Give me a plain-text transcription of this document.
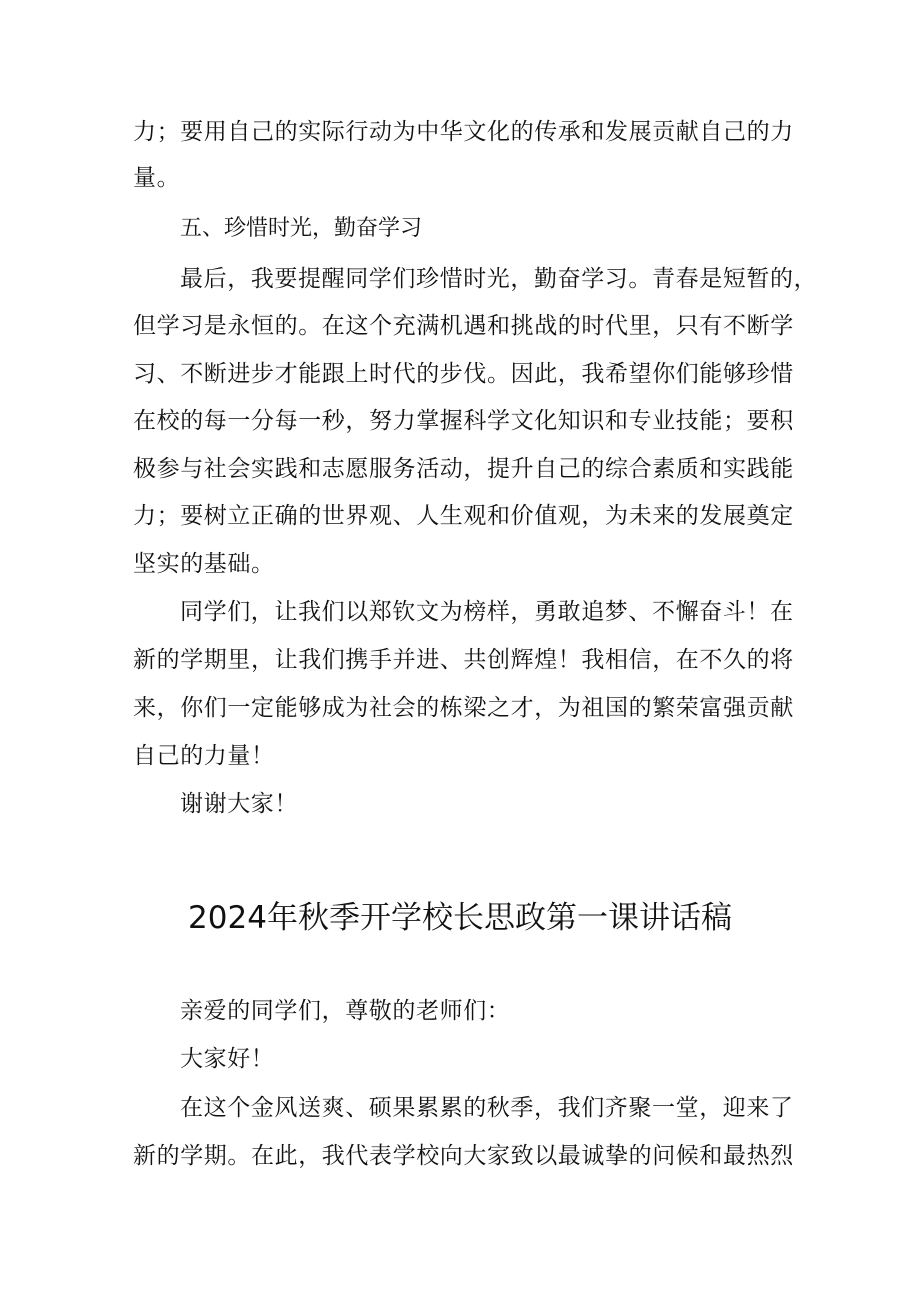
力；要用自己的实际行动为中华文化的传承和发展贡献自己的力
量。
五、珍惜时光，勤奋学习
最后，我要提醒同学们珍惜时光，勤奋学习。青春是短暂的，
但学习是永恒的。在这个充满机遇和挑战的时代里，只有不断学
习、不断进步才能跟上时代的步伐。因此，我希望你们能够珍惜
在校的每一分每一秒，努力掌握科学文化知识和专业技能；要积
极参与社会实践和志愿服务活动，提升自己的综合素质和实践能
力；要树立正确的世界观、人生观和价值观，为未来的发展奠定
坚实的基础。
同学们，让我们以郑钦文为榜样，勇敢追梦、不懈奋斗！在
新的学期里，让我们携手并进、共创辉煌！我相信，在不久的将
来，你们一定能够成为社会的栋梁之才，为祖国的繁荣富强贡献
自己的力量！
谢谢大家！
2024年秋季开学校长思政第一课讲话稿
亲爱的同学们，尊敬的老师们：
大家好！
在这个金风送爽、硕果累累的秋季，我们齐聚一堂，迎来了
新的学期。在此，我代表学校向大家致以最诚挚的问候和最热烈
